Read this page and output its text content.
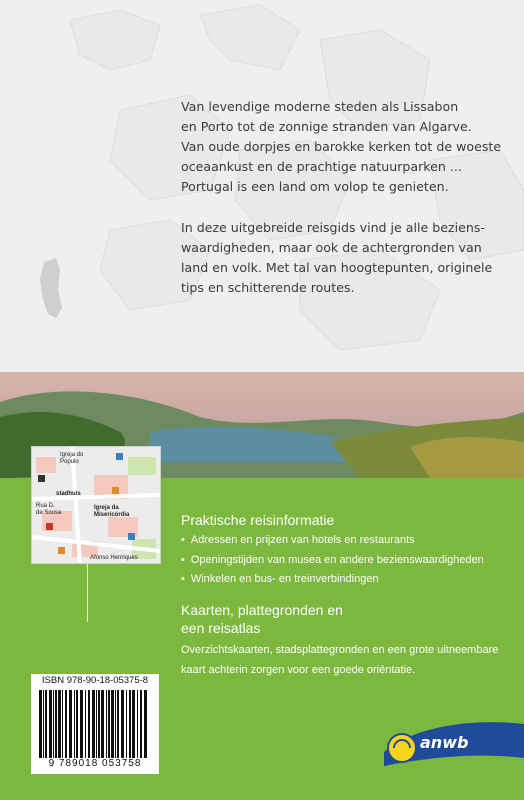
Van levendige moderne steden als Lissabon
en Porto tot de zonnige stranden van Algarve.
Van oude dorpjes en barokke kerken tot de woeste
oceaankust en de prachtige natuurparken ...
Portugal is een land om volop te genieten.

In deze uitgebreide reisgids vind je alle beziens-
waardigheden, maar ook de achtergronden van
land en volk. Met tal van hoogtepunten, originele
tips en schitterende routes.

Igreja do
Populo
stadhuis
Rua D.
de Sousa
Igreja da
Misericórdia
Afonso Henriques
Praktische reisinformatie
• Adressen en prijzen van hotels en restaurants
• Openingstijden van musea en andere bezienswaardigheden
• Winkelen en bus- en treinverbindingen
Kaarten, plattegronden en
een reisatlas
Overzichtskaarten, stadsplattegronden en een grote uitneembare kaart achterin zorgen voor een goede oriëntatie.
ISBN 978-90-18-05375-8
9 789018 053758
anwb
